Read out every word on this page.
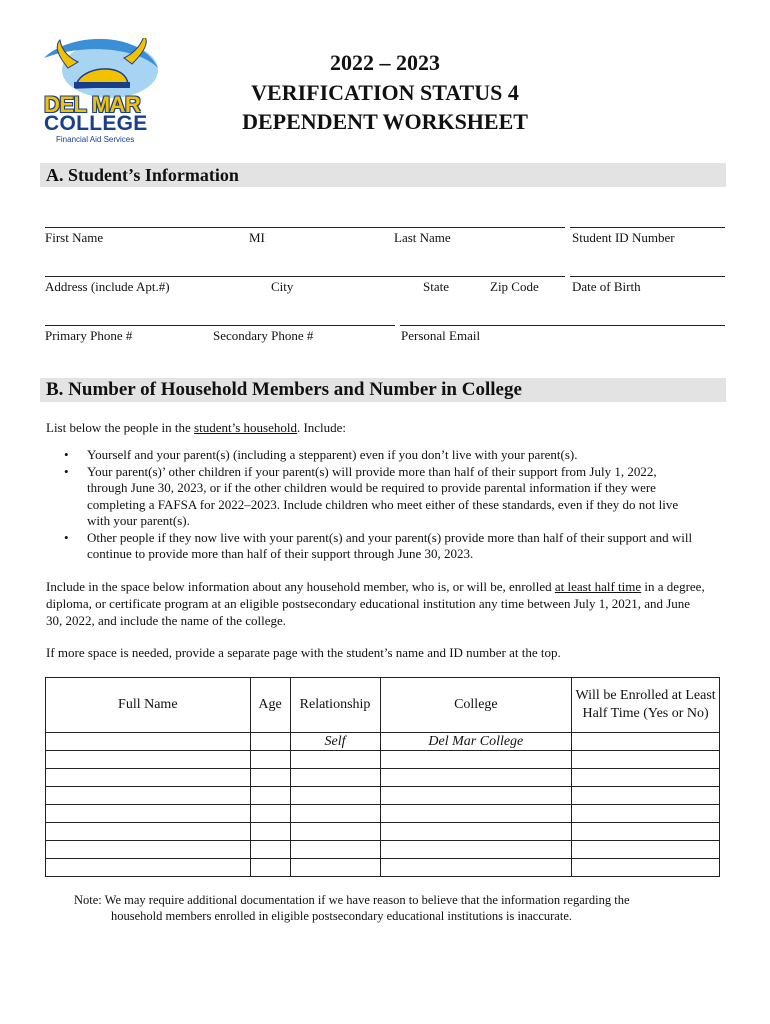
DEL MAR
COLLEGE
Financial Aid Services
2022 – 2023
VERIFICATION STATUS 4
DEPENDENT WORKSHEET
A. Student’s Information
First Name	MI	Last Name	Student ID Number
Address (include Apt.#)	City	State	Zip Code	Date of Birth
Primary Phone #	Secondary Phone #	Personal Email
B. Number of Household Members and Number in College
List below the people in the student’s household. Include:
• Yourself and your parent(s) (including a stepparent) even if you don’t live with your parent(s).
• Your parent(s)’ other children if your parent(s) will provide more than half of their support from July 1, 2022, through June 30, 2023, or if the other children would be required to provide parental information if they were completing a FAFSA for 2022–2023. Include children who meet either of these standards, even if they do not live with your parent(s).
• Other people if they now live with your parent(s) and your parent(s) provide more than half of their support and will continue to provide more than half of their support through June 30, 2023.
Include in the space below information about any household member, who is, or will be, enrolled at least half time in a degree, diploma, or certificate program at an eligible postsecondary educational institution any time between July 1, 2021, and June 30, 2022, and include the name of the college.
If more space is needed, provide a separate page with the student’s name and ID number at the top.
Full Name	Age	Relationship	College	Will be Enrolled at Least Half Time (Yes or No)
		Self	Del Mar College	

Note: We may require additional documentation if we have reason to believe that the information regarding the
household members enrolled in eligible postsecondary educational institutions is inaccurate.
